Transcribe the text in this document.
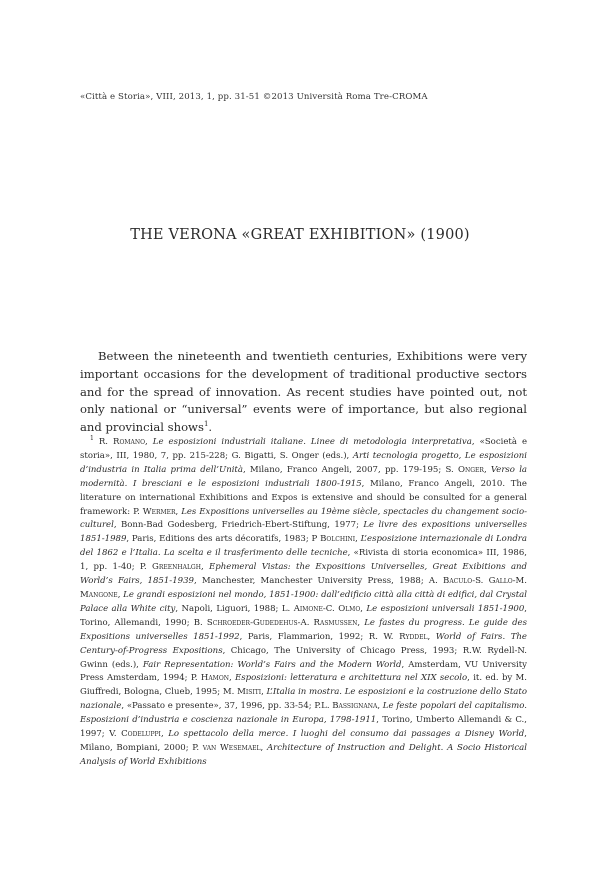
«Città e Storia», VIII, 2013, 1, pp. 31-51 ©2013 Università Roma Tre-CROMA
THE VERONA «GREAT EXHIBITION» (1900)
Between the nineteenth and twentieth centuries, Exhibitions were very important occasions for the development of traditional productive sectors and for the spread of innovation. As recent studies have pointed out, not only national or “universal” events were of importance, but also regional and provincial shows$^1$.
$^1$ R. Romano, Le esposizioni industriali italiane. Linee di metodologia interpretativa, «Società e storia», III, 1980, 7, pp. 215-228; G. Bigatti, S. Onger (eds.), Arti tecnologia progetto, Le esposizioni d’industria in Italia prima dell’Unità, Milano, Franco Angeli, 2007, pp. 179-195; S. Onger, Verso la modernità. I bresciani e le esposizioni industriali 1800-1915, Milano, Franco Angeli, 2010. The literature on international Exhibitions and Expos is extensive and should be consulted for a general framework: P. Wermer, Les Expositions universelles au 19ème siècle, spectacles du changement socio-culturel, Bonn-Bad Godesberg, Friedrich-Ebert-Stiftung, 1977; Le livre des expositions universelles 1851-1989, Paris, Editions des arts décoratifs, 1983; P Bolchini, L’esposizione internazionale di Londra del 1862 e l’Italia. La scelta e il trasferimento delle tecniche, «Rivista di storia economica» III, 1986, 1, pp. 1-40; P. Greenhalgh, Ephemeral Vistas: the Expositions Universelles, Great Exibitions and World’s Fairs, 1851-1939, Manchester, Manchester University Press, 1988; A. Baculo-S. Gallo-M. Mangone, Le grandi esposizioni nel mondo, 1851-1900: dall’edificio città alla città di edifici, dal Crystal Palace alla White city, Napoli, Liguori, 1988; L. Aimone-C. Olmo, Le esposizioni universali 1851-1900, Torino, Allemandi, 1990; B. Schroeder-Gudedehus-A. Rasmussen, Le fastes du progress. Le guide des Expositions universelles 1851-1992, Paris, Flammarion, 1992; R. W. Ryddel, World of Fairs. The Century-of-Progress Expositions, Chicago, The University of Chicago Press, 1993; R.W. Rydell-N. Gwinn (eds.), Fair Representation: World’s Fairs and the Modern World, Amsterdam, VU University Press Amsterdam, 1994; P. Hamon, Esposizioni: letteratura e architettura nel XIX secolo, it. ed. by M. Giuffredi, Bologna, Clueb, 1995; M. Misiti, L’Italia in mostra. Le esposizioni e la costruzione dello Stato nazionale, «Passato e presente», 37, 1996, pp. 33-54; P.L. Bassignana, Le feste popolari del capitalismo. Esposizioni d’industria e coscienza nazionale in Europa, 1798-1911, Torino, Umberto Allemandi & C., 1997; V. Codeluppi, Lo spettacolo della merce. I luoghi del consumo dai passages a Disney World, Milano, Bompiani, 2000; P. van Wesemael, Architecture of Instruction and Delight. A Socio Historical Analysis of World Exhibitions
